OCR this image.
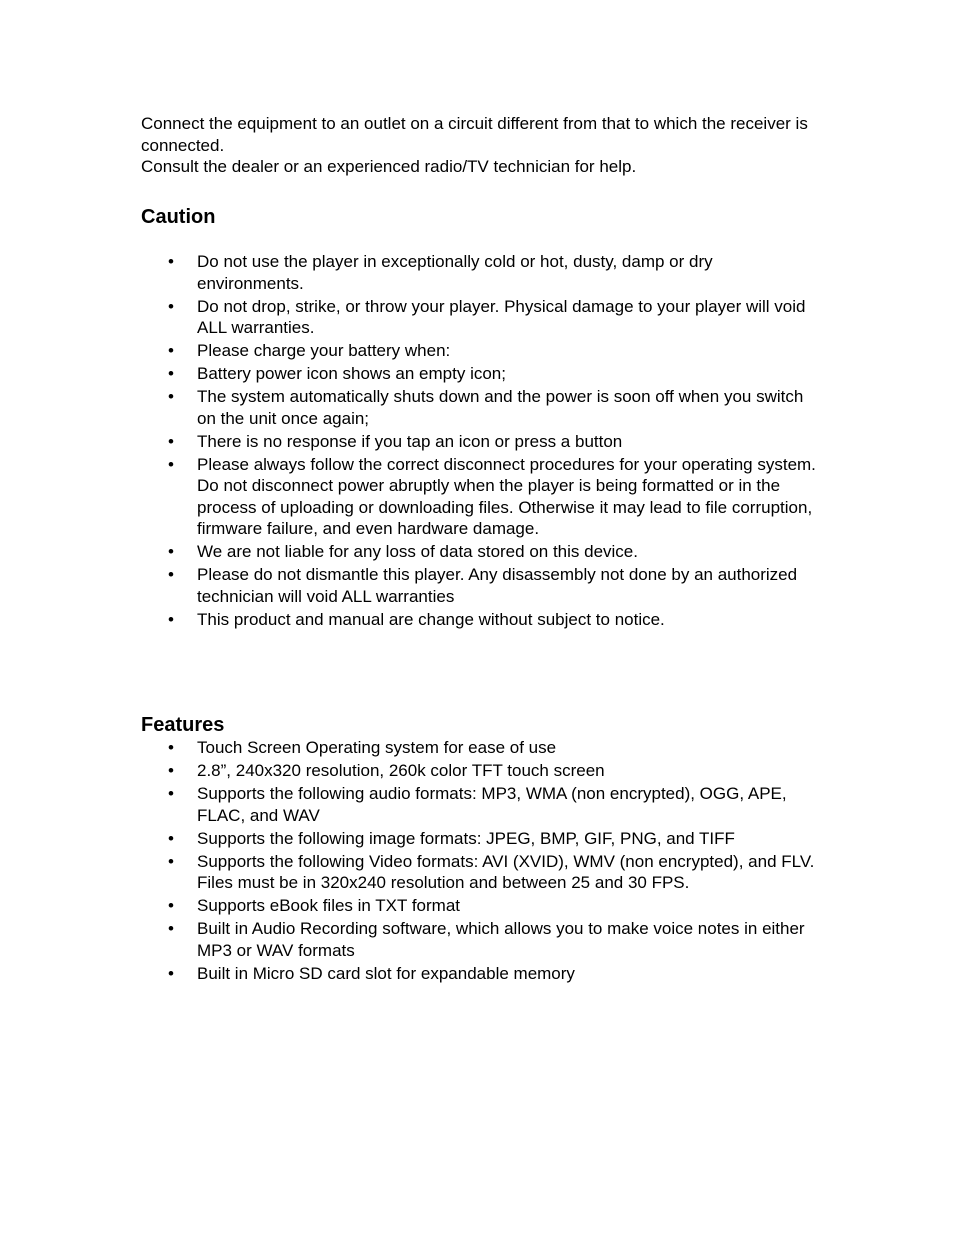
Connect the equipment to an outlet on a circuit different from that to which the receiver is connected.

Consult the dealer or an experienced radio/TV technician for help.

Caution
• Do not use the player in exceptionally cold or hot, dusty, damp or dry environments.
• Do not drop, strike, or throw your player. Physical damage to your player will void ALL warranties.
• Please charge your battery when:
• Battery power icon shows an empty icon;
• The system automatically shuts down and the power is soon off when you switch on the unit once again;
• There is no response if you tap an icon or press a button
• Please always follow the correct disconnect procedures for your operating system. Do not disconnect power abruptly when the player is being formatted or in the process of uploading or downloading files. Otherwise it may lead to file corruption, firmware failure, and even hardware damage.
• We are not liable for any loss of data stored on this device.
• Please do not dismantle this player. Any disassembly not done by an authorized technician will void ALL warranties
• This product and manual are change without subject to notice.
Features
• Touch Screen Operating system for ease of use
• 2.8”, 240x320 resolution, 260k color TFT touch screen
• Supports the following audio formats: MP3, WMA (non encrypted), OGG, APE, FLAC, and WAV
• Supports the following image formats: JPEG, BMP, GIF, PNG, and TIFF
• Supports the following Video formats: AVI (XVID), WMV (non encrypted), and FLV. Files must be in 320x240 resolution and between 25 and 30 FPS.
• Supports eBook files in TXT format
• Built in Audio Recording software, which allows you to make voice notes in either MP3 or WAV formats
• Built in Micro SD card slot for expandable memory
